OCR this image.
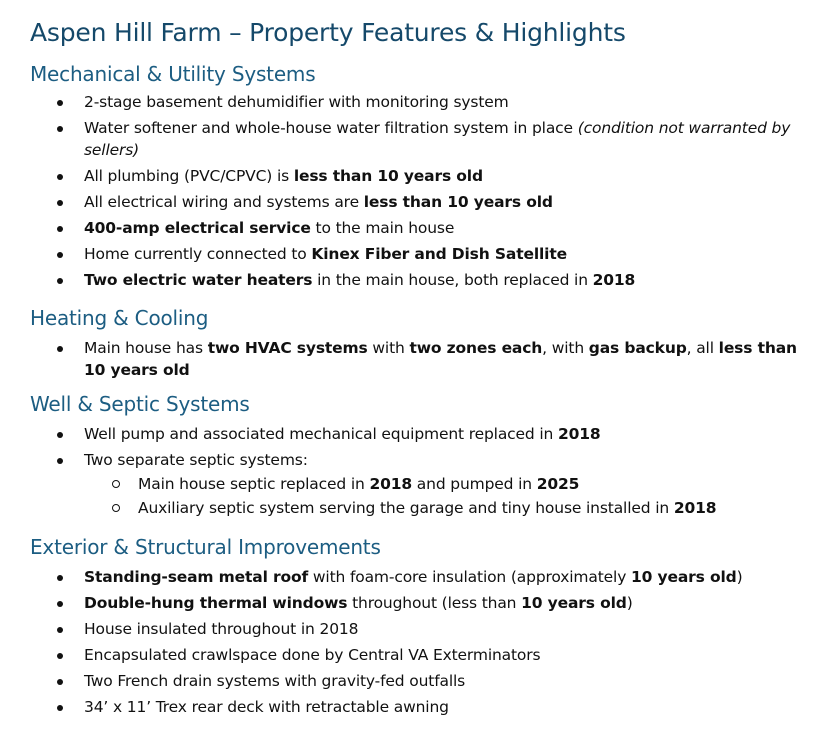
Aspen Hill Farm – Property Features & Highlights
Mechanical & Utility Systems
2-stage basement dehumidifier with monitoring system
Water softener and whole-house water filtration system in place (condition not warranted by sellers)
All plumbing (PVC/CPVC) is less than 10 years old
All electrical wiring and systems are less than 10 years old
400-amp electrical service to the main house
Home currently connected to Kinex Fiber and Dish Satellite
Two electric water heaters in the main house, both replaced in 2018
Heating & Cooling
Main house has two HVAC systems with two zones each, with gas backup, all less than 10 years old
Well & Septic Systems
Well pump and associated mechanical equipment replaced in 2018
Two separate septic systems:
Main house septic replaced in 2018 and pumped in 2025
Auxiliary septic system serving the garage and tiny house installed in 2018
Exterior & Structural Improvements
Standing-seam metal roof with foam-core insulation (approximately 10 years old)
Double-hung thermal windows throughout (less than 10 years old)
House insulated throughout in 2018
Encapsulated crawlspace done by Central VA Exterminators
Two French drain systems with gravity-fed outfalls
34’ x 11’ Trex rear deck with retractable awning
